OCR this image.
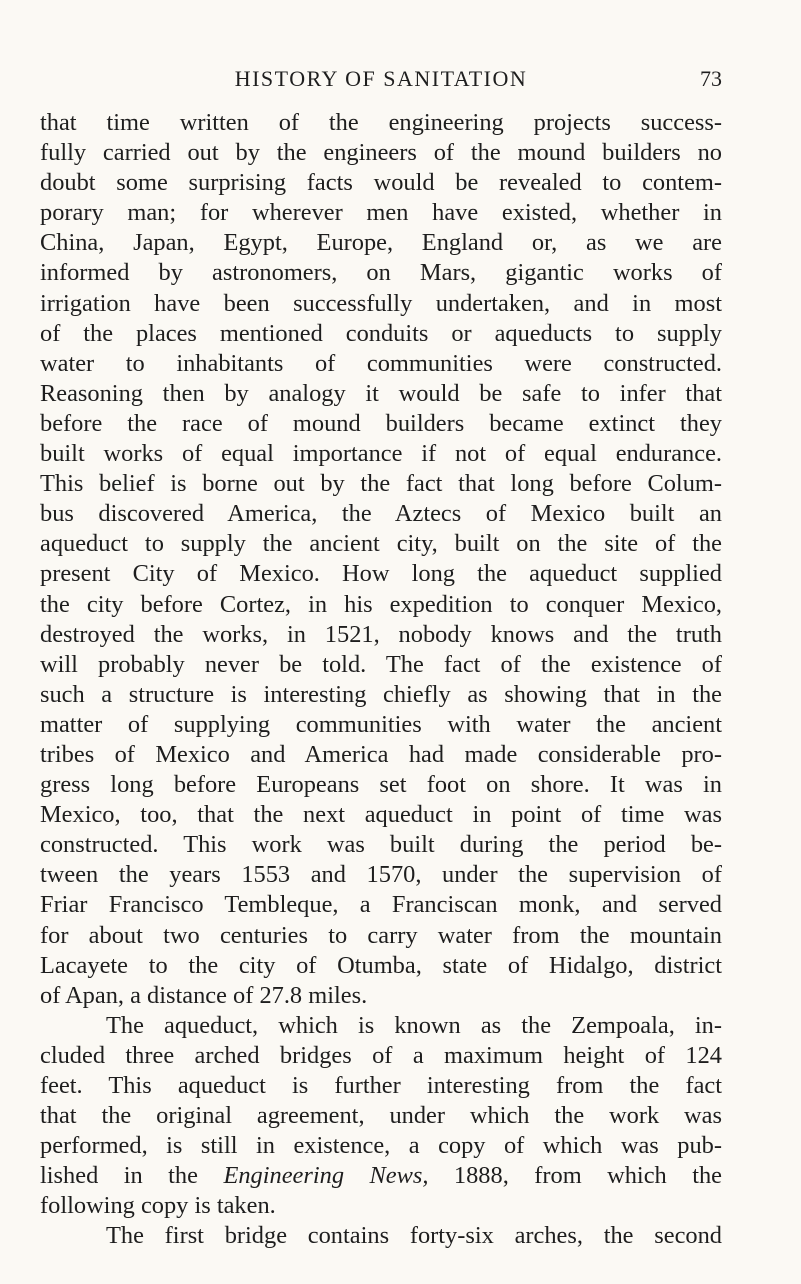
HISTORY OF SANITATION	73
that time written of the engineering projects success-
fully carried out by the engineers of the mound builders no
doubt some surprising facts would be revealed to contem-
porary man; for wherever men have existed, whether in
China, Japan, Egypt, Europe, England or, as we are
informed by astronomers, on Mars, gigantic works of
irrigation have been successfully undertaken, and in most
of the places mentioned conduits or aqueducts to supply
water to inhabitants of communities were constructed.
Reasoning then by analogy it would be safe to infer that
before the race of mound builders became extinct they
built works of equal importance if not of equal endurance.
This belief is borne out by the fact that long before Colum-
bus discovered America, the Aztecs of Mexico built an
aqueduct to supply the ancient city, built on the site of the
present City of Mexico. How long the aqueduct supplied
the city before Cortez, in his expedition to conquer Mexico,
destroyed the works, in 1521, nobody knows and the truth
will probably never be told. The fact of the existence of
such a structure is interesting chiefly as showing that in the
matter of supplying communities with water the ancient
tribes of Mexico and America had made considerable pro-
gress long before Europeans set foot on shore. It was in
Mexico, too, that the next aqueduct in point of time was
constructed. This work was built during the period be-
tween the years 1553 and 1570, under the supervision of
Friar Francisco Tembleque, a Franciscan monk, and served
for about two centuries to carry water from the mountain
Lacayete to the city of Otumba, state of Hidalgo, district
of Apan, a distance of 27.8 miles.
The aqueduct, which is known as the Zempoala, in-
cluded three arched bridges of a maximum height of 124
feet. This aqueduct is further interesting from the fact
that the original agreement, under which the work was
performed, is still in existence, a copy of which was pub-
lished in the Engineering News, 1888, from which the
following copy is taken.
The first bridge contains forty-six arches, the second
